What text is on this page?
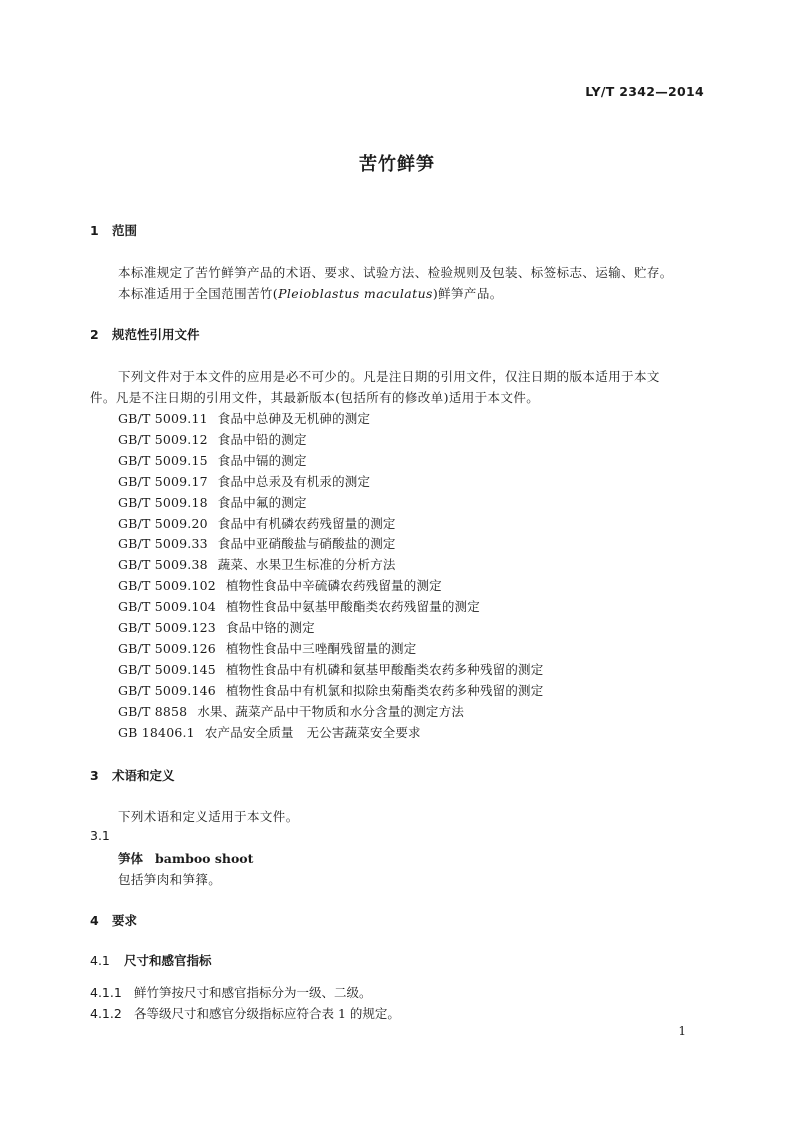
LY/T 2342—2014
苦竹鲜笋
1 范围
本标准规定了苦竹鲜笋产品的术语、要求、试验方法、检验规则及包装、标签标志、运输、贮存。
本标准适用于全国范围苦竹(Pleioblastus maculatus)鲜笋产品。
2 规范性引用文件
下列文件对于本文件的应用是必不可少的。凡是注日期的引用文件，仅注日期的版本适用于本文
件。凡是不注日期的引用文件，其最新版本(包括所有的修改单)适用于本文件。
GB/T 5009.11 食品中总砷及无机砷的测定
GB/T 5009.12 食品中铅的测定
GB/T 5009.15 食品中镉的测定
GB/T 5009.17 食品中总汞及有机汞的测定
GB/T 5009.18 食品中氟的测定
GB/T 5009.20 食品中有机磷农药残留量的测定
GB/T 5009.33 食品中亚硝酸盐与硝酸盐的测定
GB/T 5009.38 蔬菜、水果卫生标准的分析方法
GB/T 5009.102 植物性食品中辛硫磷农药残留量的测定
GB/T 5009.104 植物性食品中氨基甲酸酯类农药残留量的测定
GB/T 5009.123 食品中铬的测定
GB/T 5009.126 植物性食品中三唑酮残留量的测定
GB/T 5009.145 植物性食品中有机磷和氨基甲酸酯类农药多种残留的测定
GB/T 5009.146 植物性食品中有机氯和拟除虫菊酯类农药多种残留的测定
GB/T 8858 水果、蔬菜产品中干物质和水分含量的测定方法
GB 18406.1 农产品安全质量　无公害蔬菜安全要求
3 术语和定义
下列术语和定义适用于本文件。
3.1
笋体 bamboo shoot
包括笋肉和笋箨。
4 要求
4.1 尺寸和感官指标
4.1.1 鲜竹笋按尺寸和感官指标分为一级、二级。
4.1.2 各等级尺寸和感官分级指标应符合表 1 的规定。
1
